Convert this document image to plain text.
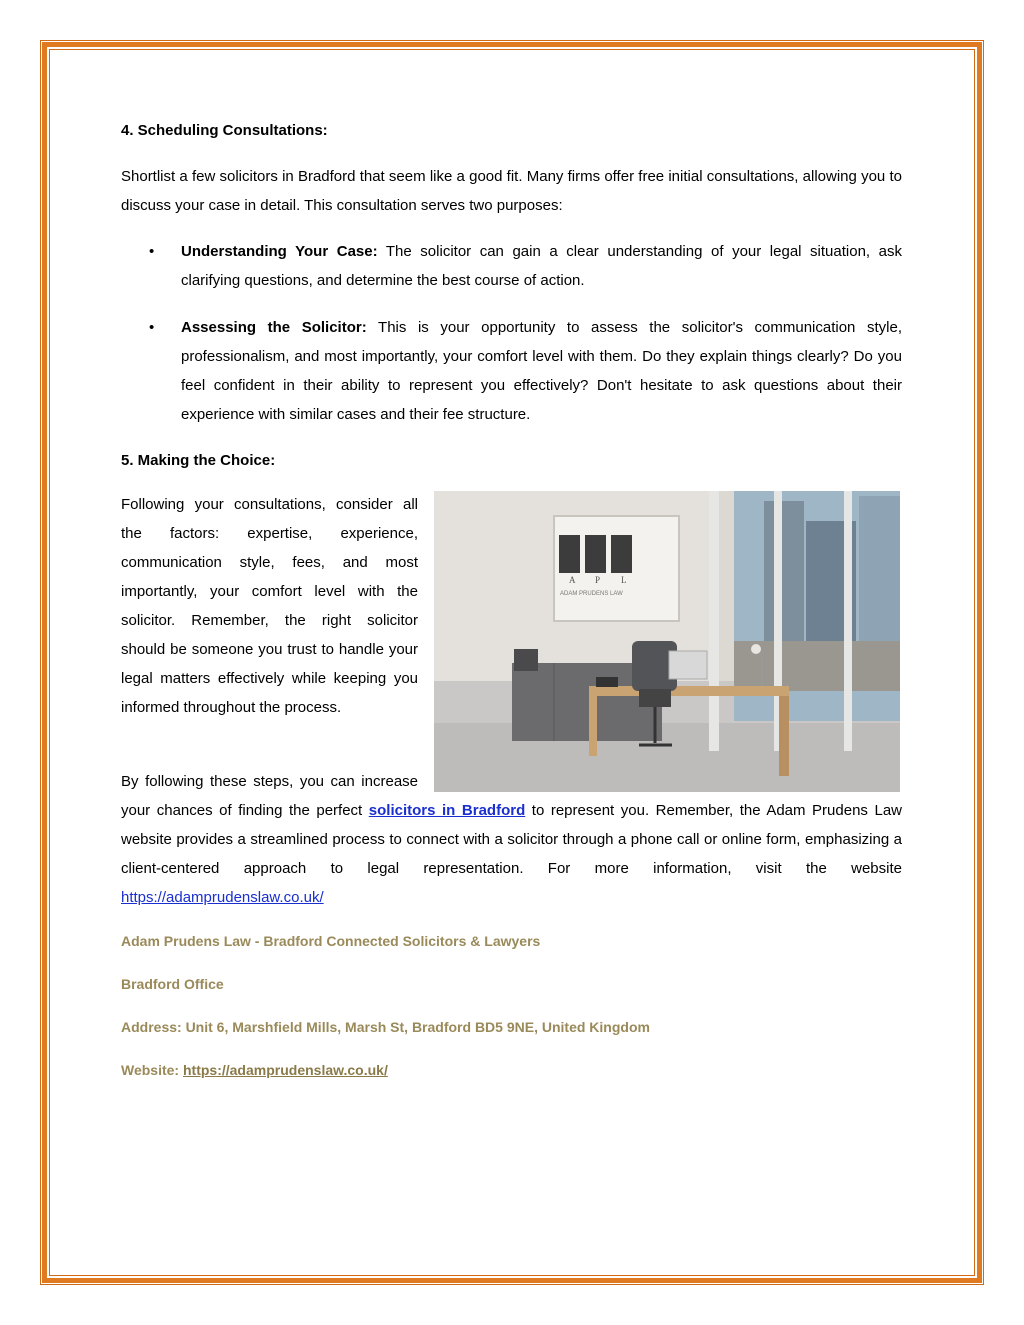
4. Scheduling Consultations:

Shortlist a few solicitors in Bradford that seem like a good fit. Many firms offer free initial consultations, allowing you to discuss your case in detail. This consultation serves two purposes:

• Understanding Your Case: The solicitor can gain a clear understanding of your legal situation, ask clarifying questions, and determine the best course of action.

• Assessing the Solicitor: This is your opportunity to assess the solicitor's communication style, professionalism, and most importantly, your comfort level with them. Do they explain things clearly? Do you feel confident in their ability to represent you effectively? Don't hesitate to ask questions about their experience with similar cases and their fee structure.

5. Making the Choice:

Following your consultations, consider all the factors: expertise, experience, communication style, fees, and most importantly, your comfort level with the solicitor. Remember, the right solicitor should be someone you trust to handle your legal matters effectively while keeping you informed throughout the process.

By following these steps, you can increase your chances of finding the perfect solicitors in Bradford to represent you. Remember, the Adam Prudens Law website provides a streamlined process to connect with a solicitor through a phone call or online form, emphasizing a client-centered approach to legal representation. For more information, visit the website https://adamprudenslaw.co.uk/

Adam Prudens Law - Bradford Connected Solicitors & Lawyers

Bradford Office

Address: Unit 6, Marshfield Mills, Marsh St, Bradford BD5 9NE, United Kingdom

Website: https://adamprudenslaw.co.uk/

A P L
ADAM PRUDENS LAW
